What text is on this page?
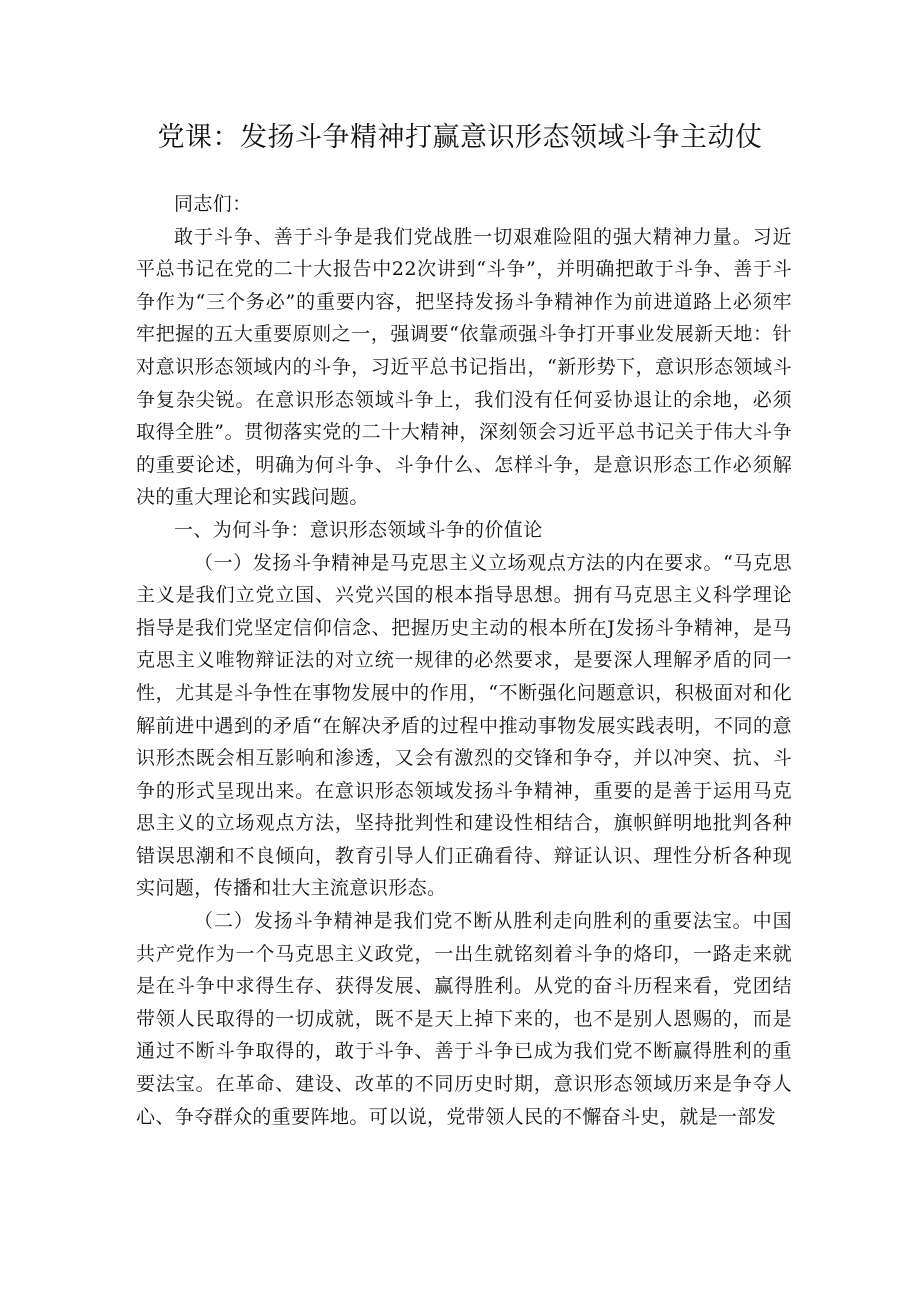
党课：发扬斗争精神打赢意识形态领域斗争主动仗

同志们：

敢于斗争、善于斗争是我们党战胜一切艰难险阻的强大精神力量。习近平总书记在党的二十大报告中22次讲到“斗争”，并明确把敢于斗争、善于斗争作为“三个务必”的重要内容，把坚持发扬斗争精神作为前进道路上必须牢牢把握的五大重要原则之一，强调要“依靠顽强斗争打开事业发展新天地：针对意识形态领域内的斗争，习近平总书记指出，“新形势下，意识形态领域斗争复杂尖锐。在意识形态领域斗争上，我们没有任何妥协退让的余地，必须取得全胜”。贯彻落实党的二十大精神，深刻领会习近平总书记关于伟大斗争的重要论述，明确为何斗争、斗争什么、怎样斗争，是意识形态工作必须解决的重大理论和实践问题。

一、为何斗争：意识形态领域斗争的价值论

（一）发扬斗争精神是马克思主义立场观点方法的内在要求。“马克思主义是我们立党立国、兴党兴国的根本指导思想。拥有马克思主义科学理论指导是我们党坚定信仰信念、把握历史主动的根本所在J发扬斗争精神，是马克思主义唯物辩证法的对立统一规律的必然要求，是要深人理解矛盾的同一性，尤其是斗争性在事物发展中的作用，“不断强化问题意识，积极面对和化解前进中遇到的矛盾“在解决矛盾的过程中推动事物发展实践表明，不同的意识形杰既会相互影响和渗透，又会有激烈的交锋和争夺，并以冲突、抗、斗争的形式呈现出来。在意识形态领域发扬斗争精神，重要的是善于运用马克思主义的立场观点方法，坚持批判性和建设性相结合，旗帜鲜明地批判各种错误思潮和不良倾向，教育引导人们正确看待、辩证认识、理性分析各种现实问题，传播和壮大主流意识形态。

（二）发扬斗争精神是我们党不断从胜利走向胜利的重要法宝。中国共产党作为一个马克思主义政党，一出生就铭刻着斗争的烙印，一路走来就是在斗争中求得生存、获得发展、赢得胜利。从党的奋斗历程来看，党团结带领人民取得的一切成就，既不是天上掉下来的，也不是别人恩赐的，而是通过不断斗争取得的，敢于斗争、善于斗争已成为我们党不断赢得胜利的重要法宝。在革命、建设、改革的不同历史时期，意识形态领域历来是争夺人心、争夺群众的重要阵地。可以说，党带领人民的不懈奋斗史，就是一部发
